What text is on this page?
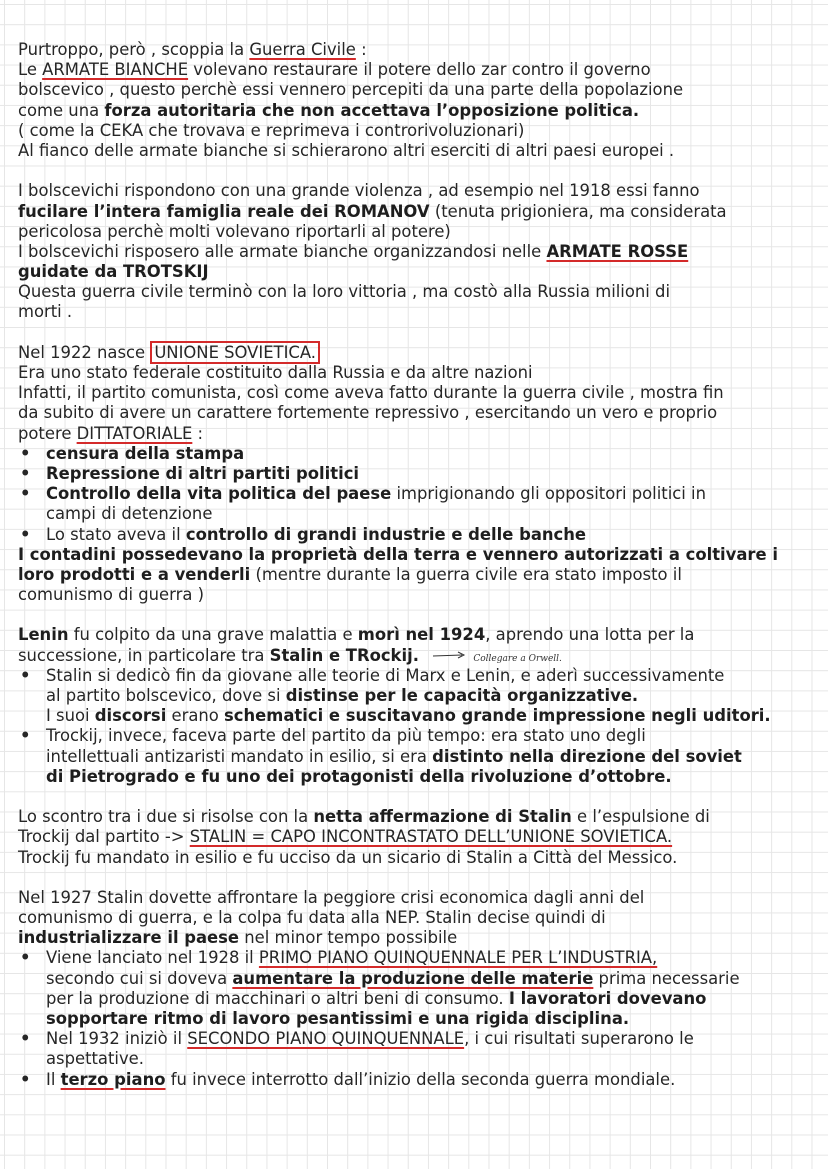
Purtroppo, però , scoppia la Guerra Civile :
Le ARMATE BIANCHE volevano restaurare il potere dello zar contro il governo
bolscevico , questo perchè essi vennero percepiti da una parte della popolazione
come una forza autoritaria che non accettava l’opposizione politica.
( come la CEKA che trovava e reprimeva i controrivoluzionari)
Al fianco delle armate bianche si schierarono altri eserciti di altri paesi europei .
I bolscevichi rispondono con una grande violenza , ad esempio nel 1918 essi fanno
fucilare l’intera famiglia reale dei ROMANOV (tenuta prigioniera, ma considerata
pericolosa perchè molti volevano riportarli al potere)
I bolscevichi risposero alle armate bianche organizzandosi nelle ARMATE ROSSE
guidate da TROTSKIJ
Questa guerra civile terminò con la loro vittoria , ma costò alla Russia milioni di
morti .
Nel 1922 nasce UNIONE SOVIETICA.
Era uno stato federale costituito dalla Russia e da altre nazioni
Infatti, il partito comunista, così come aveva fatto durante la guerra civile , mostra fin
da subito di avere un carattere fortemente repressivo , esercitando un vero e proprio
potere DITTATORIALE :
• censura della stampa
• Repressione di altri partiti politici
• Controllo della vita politica del paese imprigionando gli oppositori politici in
campi di detenzione
• Lo stato aveva il controllo di grandi industrie e delle banche
I contadini possedevano la proprietà della terra e vennero autorizzati a coltivare i
loro prodotti e a venderli (mentre durante la guerra civile era stato imposto il
comunismo di guerra )
Lenin fu colpito da una grave malattia e morì nel 1924, aprendo una lotta per la
successione, in particolare tra Stalin e TRockij.	Collegare a Orwell.
• Stalin si dedicò fin da giovane alle teorie di Marx e Lenin, e aderì successivamente
al partito bolscevico, dove si distinse per le capacità organizzative.
I suoi discorsi erano schematici e suscitavano grande impressione negli uditori.
• Trockij, invece, faceva parte del partito da più tempo: era stato uno degli
intellettuali antizaristi mandato in esilio, si era distinto nella direzione del soviet
di Pietrogrado e fu uno dei protagonisti della rivoluzione d’ottobre.
Lo scontro tra i due si risolse con la netta affermazione di Stalin e l’espulsione di
Trockij dal partito -> STALIN = CAPO INCONTRASTATO DELL’UNIONE SOVIETICA.
Trockij fu mandato in esilio e fu ucciso da un sicario di Stalin a Città del Messico.
Nel 1927 Stalin dovette affrontare la peggiore crisi economica dagli anni del
comunismo di guerra, e la colpa fu data alla NEP. Stalin decise quindi di
industrializzare il paese nel minor tempo possibile
• Viene lanciato nel 1928 il PRIMO PIANO QUINQUENNALE PER L’INDUSTRIA,
secondo cui si doveva aumentare la produzione delle materie prima necessarie
per la produzione di macchinari o altri beni di consumo. I lavoratori dovevano
sopportare ritmo di lavoro pesantissimi e una rigida disciplina.
• Nel 1932 iniziò il SECONDO PIANO QUINQUENNALE, i cui risultati superarono le
aspettative.
• Il terzo piano fu invece interrotto dall’inizio della seconda guerra mondiale.
